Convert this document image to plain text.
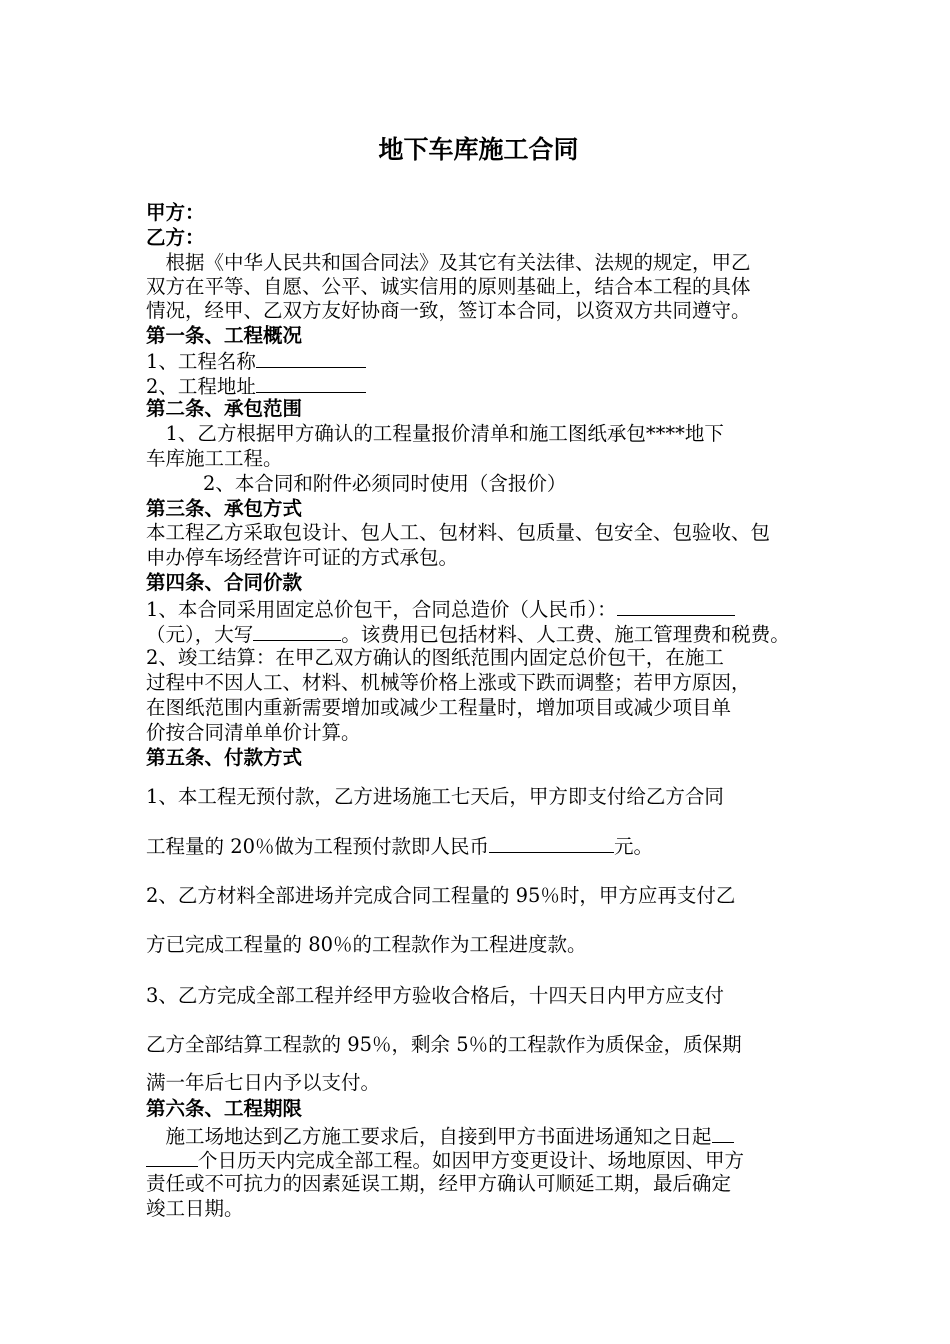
地下车库施工合同
甲方：
乙方：
　根据《中华人民共和国合同法》及其它有关法律、法规的规定，甲乙
双方在平等、自愿、公平、诚实信用的原则基础上，结合本工程的具体
情况，经甲、乙双方友好协商一致，签订本合同，以资双方共同遵守。
第一条、工程概况
1、工程名称
2、工程地址
第二条、承包范围
　1、乙方根据甲方确认的工程量报价清单和施工图纸承包****地下
车库施工工程。
2、本合同和附件必须同时使用（含报价）
第三条、承包方式
本工程乙方采取包设计、包人工、包材料、包质量、包安全、包验收、包
申办停车场经营许可证的方式承包。
第四条、合同价款
1、本合同采用固定总价包干，合同总造价（人民币）：
（元），大写	。该费用已包括材料、人工费、施工管理费和税费。
2、竣工结算：在甲乙双方确认的图纸范围内固定总价包干，在施工
过程中不因人工、材料、机械等价格上涨或下跌而调整；若甲方原因，
在图纸范围内重新需要增加或减少工程量时，增加项目或减少项目单
价按合同清单单价计算。
第五条、付款方式
1、本工程无预付款，乙方进场施工七天后，甲方即支付给乙方合同
工程量的 20％做为工程预付款即人民币	元。
2、乙方材料全部进场并完成合同工程量的 95％时，甲方应再支付乙
方已完成工程量的 80％的工程款作为工程进度款。
3、乙方完成全部工程并经甲方验收合格后，十四天日内甲方应支付
乙方全部结算工程款的 95％，剩余 5％的工程款作为质保金，质保期
满一年后七日内予以支付。
第六条、工程期限
　施工场地达到乙方施工要求后，自接到甲方书面进场通知之日起
个日历天内完成全部工程。如因甲方变更设计、场地原因、甲方
责任或不可抗力的因素延误工期，经甲方确认可顺延工期，最后确定
竣工日期。
